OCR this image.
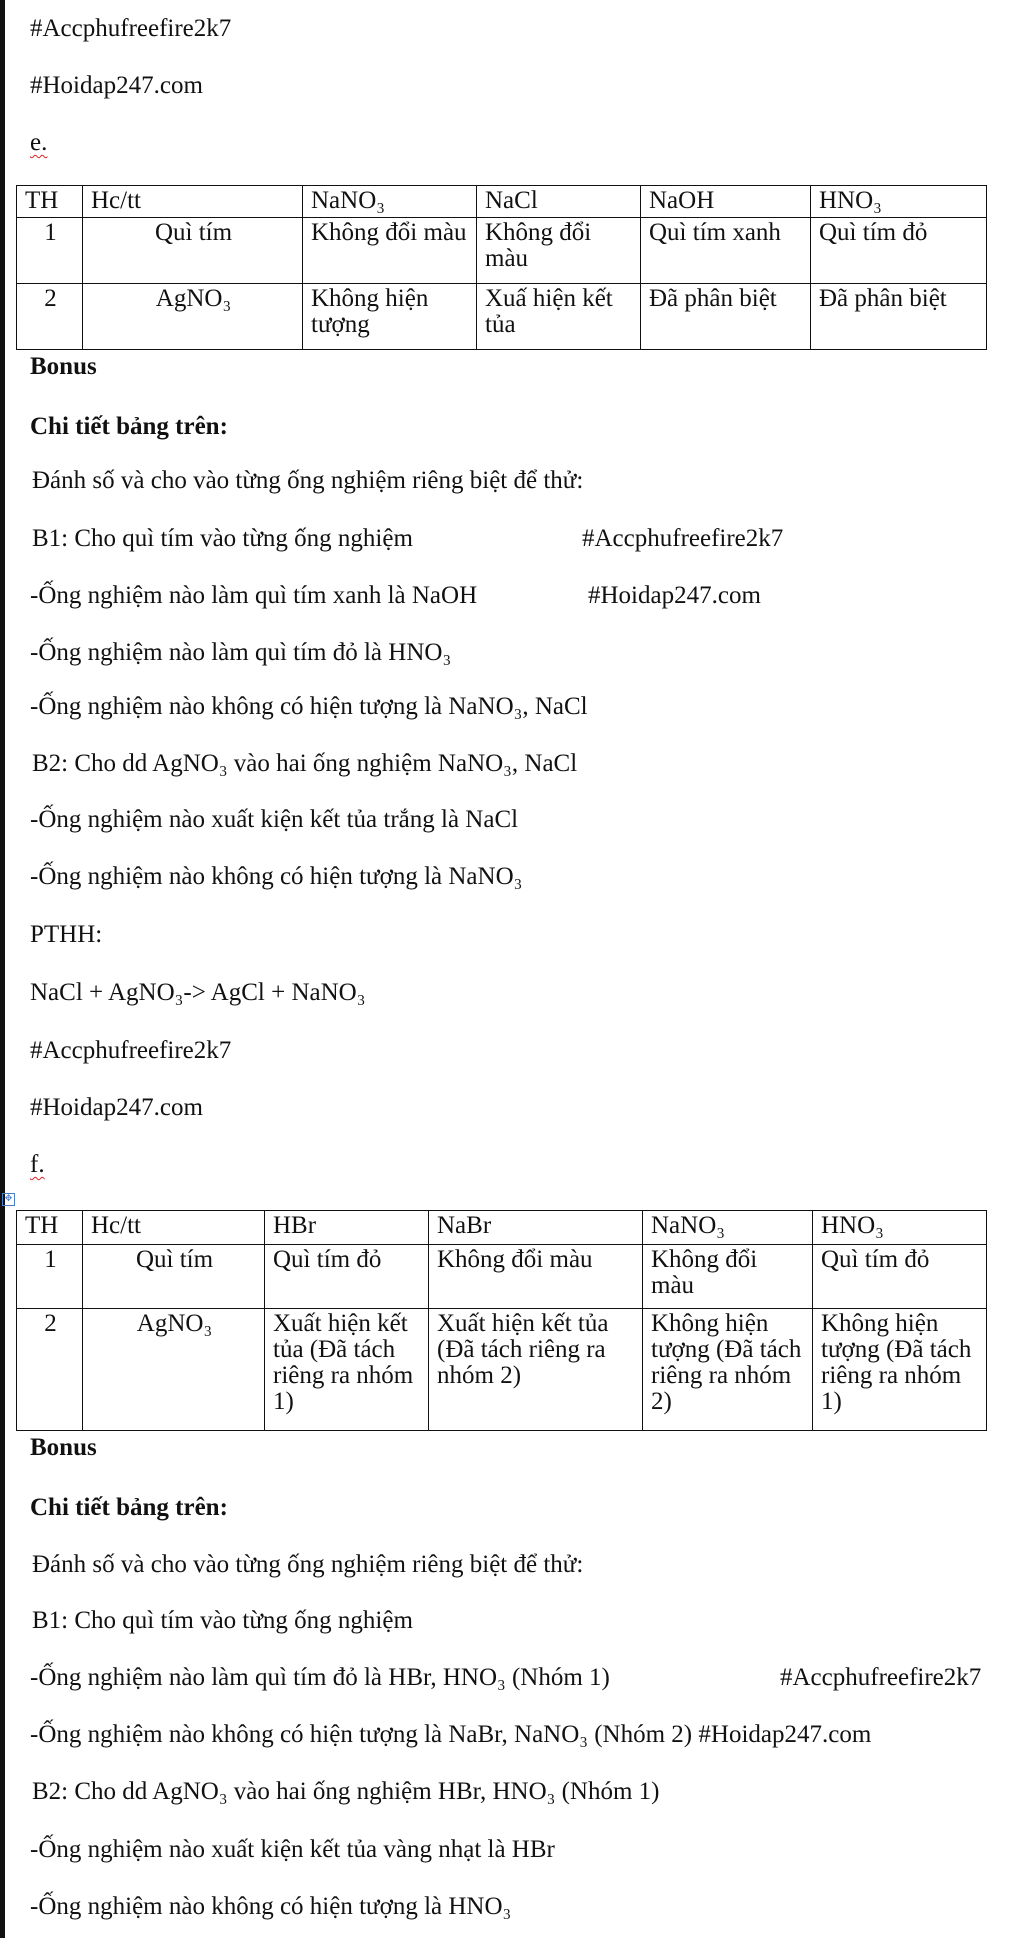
#Accphufreefire2k7
#Hoidap247.com
e.
TH	Hc/tt	NaNO₃	NaCl	NaOH	HNO₃
1	Quì tím	Không đổi màu	Không đổi màu	Quì tím xanh	Quì tím đỏ
2	AgNO₃	Không hiện tượng	Xuấ hiện kết tủa	Đã phân biệt	Đã phân biệt
Bonus
Chi tiết bảng trên:
Đánh số và cho vào từng ống nghiệm riêng biệt để thử:
B1: Cho quì tím vào từng ống nghiệm	#Accphufreefire2k7
-Ống nghiệm nào làm quì tím xanh là NaOH	#Hoidap247.com
-Ống nghiệm nào làm quì tím đỏ là HNO₃
-Ống nghiệm nào không có hiện tượng là NaNO₃, NaCl
B2: Cho dd AgNO₃ vào hai ống nghiệm NaNO₃, NaCl
-Ống nghiệm nào xuất kiện kết tủa trắng là NaCl
-Ống nghiệm nào không có hiện tượng là NaNO₃
PTHH:
NaCl + AgNO₃-> AgCl + NaNO₃
#Accphufreefire2k7
#Hoidap247.com
f.
✥
TH	Hc/tt	HBr	NaBr	NaNO₃	HNO₃
1	Quì tím	Quì tím đỏ	Không đổi màu	Không đổi màu	Quì tím đỏ
2	AgNO₃	Xuất hiện kết tủa (Đã tách riêng ra nhóm 1)	Xuất hiện kết tủa (Đã tách riêng ra nhóm 2)	Không hiện tượng (Đã tách riêng ra nhóm 2)	Không hiện tượng (Đã tách riêng ra nhóm 1)
Bonus
Chi tiết bảng trên:
Đánh số và cho vào từng ống nghiệm riêng biệt để thử:
B1: Cho quì tím vào từng ống nghiệm
-Ống nghiệm nào làm quì tím đỏ là HBr, HNO₃ (Nhóm 1)	#Accphufreefire2k7
-Ống nghiệm nào không có hiện tượng là NaBr, NaNO₃ (Nhóm 2) #Hoidap247.com
B2: Cho dd AgNO₃ vào hai ống nghiệm HBr, HNO₃ (Nhóm 1)
-Ống nghiệm nào xuất kiện kết tủa vàng nhạt là HBr
-Ống nghiệm nào không có hiện tượng là HNO₃
